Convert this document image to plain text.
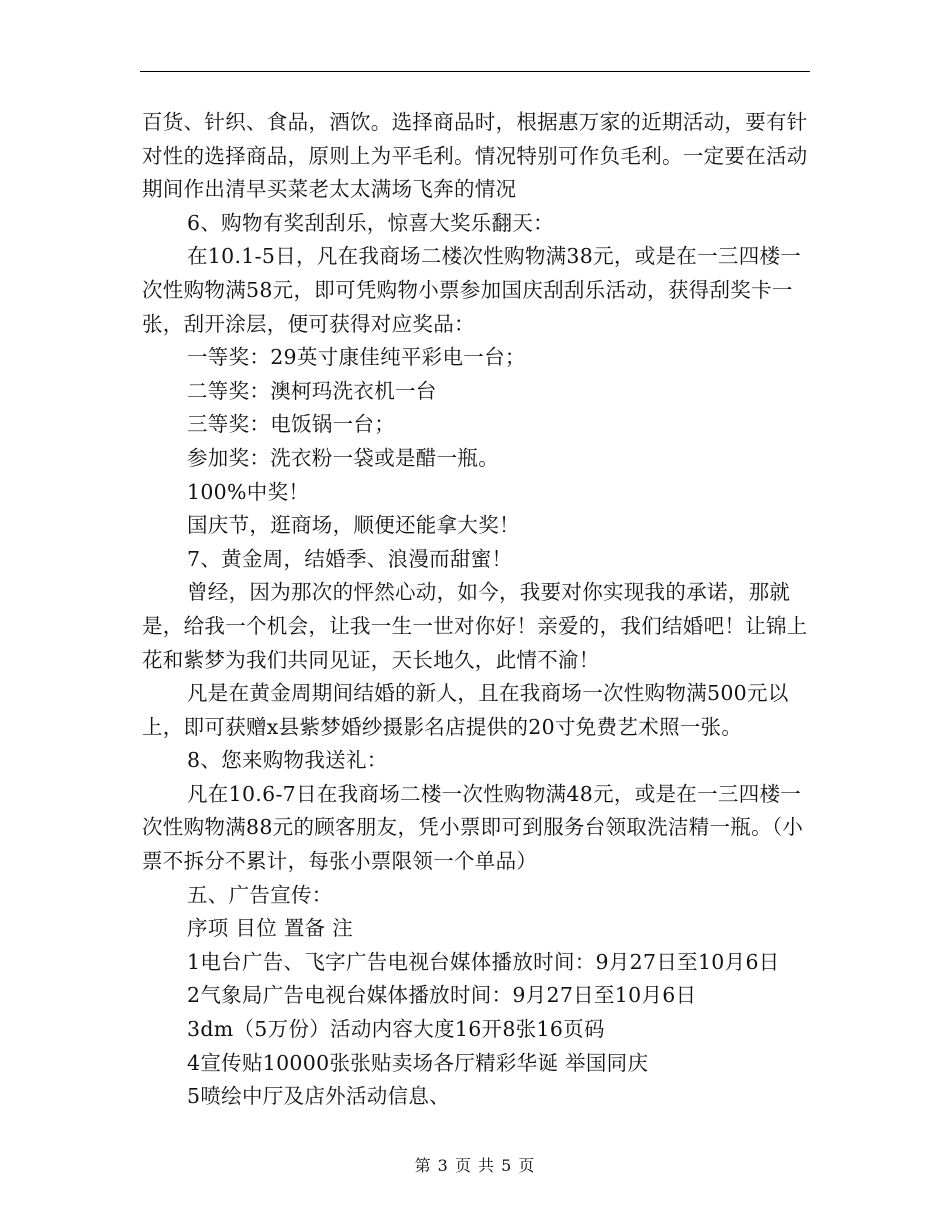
百货、针织、食品，酒饮。选择商品时，根据惠万家的近期活动，要有针对性的选择商品，原则上为平毛利。情况特别可作负毛利。一定要在活动期间作出清早买菜老太太满场飞奔的情况

6、购物有奖刮刮乐，惊喜大奖乐翻天：

在10.1-5日，凡在我商场二楼次性购物满38元，或是在一三四楼一次性购物满58元，即可凭购物小票参加国庆刮刮乐活动，获得刮奖卡一张，刮开涂层，便可获得对应奖品：

一等奖：29英寸康佳纯平彩电一台；

二等奖：澳柯玛洗衣机一台

三等奖：电饭锅一台；

参加奖：洗衣粉一袋或是醋一瓶。

100%中奖！

国庆节，逛商场，顺便还能拿大奖！

7、黄金周，结婚季、浪漫而甜蜜！

曾经，因为那次的怦然心动，如今，我要对你实现我的承诺，那就是，给我一个机会，让我一生一世对你好！亲爱的，我们结婚吧！让锦上花和紫梦为我们共同见证，天长地久，此情不渝！

凡是在黄金周期间结婚的新人，且在我商场一次性购物满500元以上，即可获赠x县紫梦婚纱摄影名店提供的20寸免费艺术照一张。

8、您来购物我送礼：

凡在10.6-7日在我商场二楼一次性购物满48元，或是在一三四楼一次性购物满88元的顾客朋友，凭小票即可到服务台领取洗洁精一瓶。（小票不拆分不累计，每张小票限领一个单品）

五、广告宣传：

序项 目位 置备 注

1电台广告、飞字广告电视台媒体播放时间：9月27日至10月6日

2气象局广告电视台媒体播放时间：9月27日至10月6日

3dm（5万份）活动内容大度16开8张16页码

4宣传贴10000张张贴卖场各厅精彩华诞 举国同庆

5喷绘中厅及店外活动信息、

第 3 页 共 5 页
